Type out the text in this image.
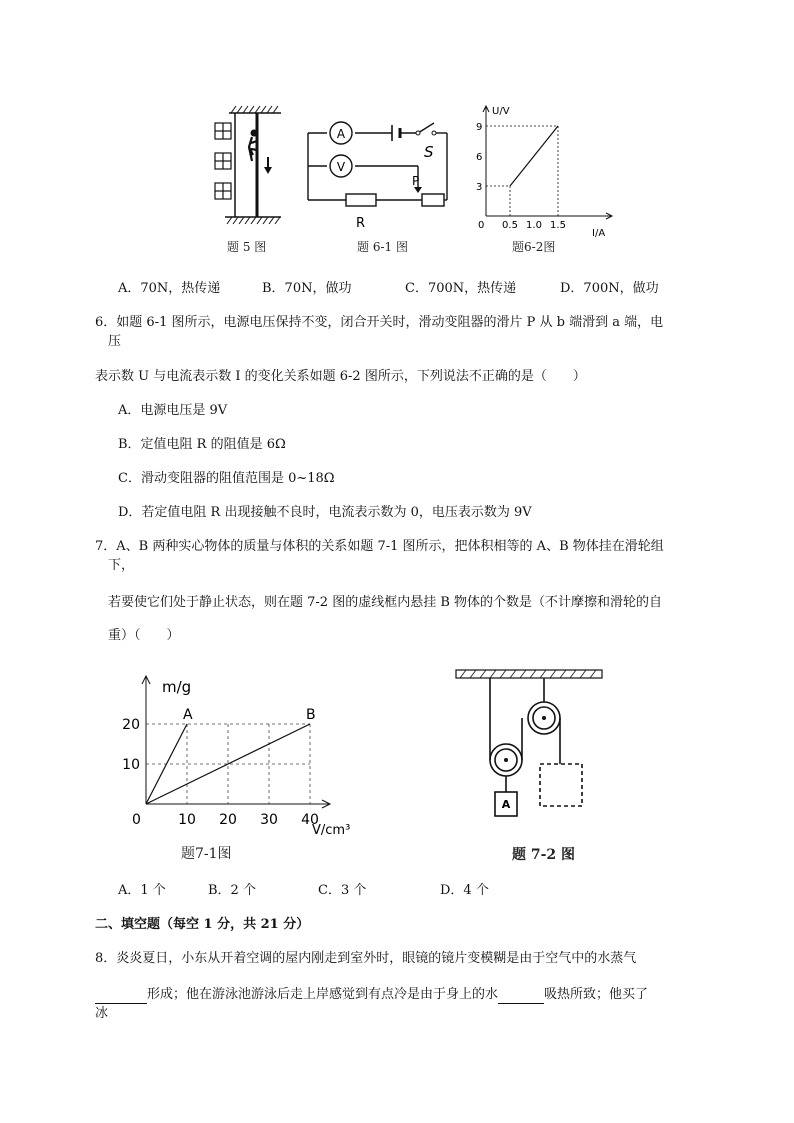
题 5 图
A
V
S
P
R
题 6-1 图
3
6
9
0.5 1.0 1.5
U/V
I/A
0
题6-2图
A．70N，热传递	B．70N，做功	C．700N，热传递	D．700N，做功
6．如题 6-1 图所示，电源电压保持不变，闭合开关时，滑动变阻器的滑片 P 从 b 端滑到 a 端，电
压
表示数 U 与电流表示数 I 的变化关系如题 6-2 图所示，下列说法不正确的是（　　）
A．电源电压是 9V
B．定值电阻 R 的阻值是 6Ω
C．滑动变阻器的阻值范围是 0~18Ω
D．若定值电阻 R 出现接触不良时，电流表示数为 0，电压表示数为 9V
7．A、B 两种实心物体的质量与体积的关系如题 7-1 图所示，把体积相等的 A、B 物体挂在滑轮组
下，
若要使它们处于静止状态，则在题 7-2 图的虚线框内悬挂 B 物体的个数是（不计摩擦和滑轮的自
重）（　　）
10
20
10 20 30 40
A	B
m/g
V/cm³
0
题7-1图
A
题 7-2 图
A．1 个	B．2 个	C．3 个	D．4 个
二、填空题（每空 1 分，共 21 分）
8．炎炎夏日，小东从开着空调的屋内刚走到室外时，眼镜的镜片变模糊是由于空气中的水蒸气
形成；他在游泳池游泳后走上岸感觉到有点冷是由于身上的水	吸热所致；他买了
冰
